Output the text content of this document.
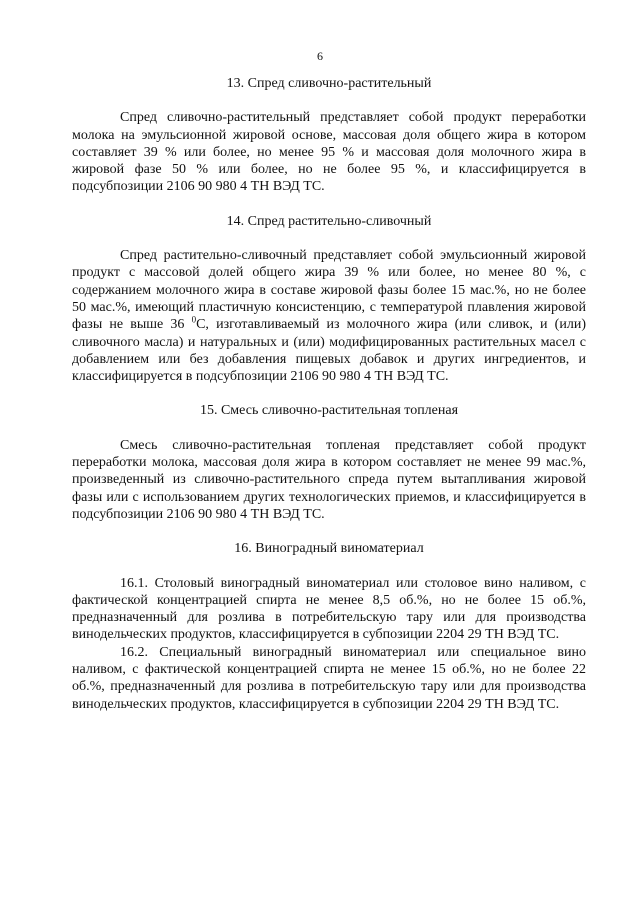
6

13. Спред сливочно-растительный

Спред сливочно-растительный представляет собой продукт переработки молока на эмульсионной жировой основе, массовая доля общего жира в котором составляет 39 % или более, но менее 95 % и массовая доля молочного жира в жировой фазе 50 % или более, но не более 95 %, и классифицируется в подсубпозиции 2106 90 980 4 ТН ВЭД ТС.

14. Спред растительно-сливочный

Спред растительно-сливочный представляет собой эмульсионный жировой продукт с массовой долей общего жира 39 % или более, но менее 80 %, с содержанием молочного жира в составе жировой фазы более 15 мас.%, но не более 50 мас.%, имеющий пластичную консистенцию, с температурой плавления жировой фазы не выше 36 $^0$С, изготавливаемый из молочного жира (или сливок, и (или) сливочного масла) и натуральных и (или) модифицированных растительных масел с добавлением или без добавления пищевых добавок и других ингредиентов, и классифицируется в подсубпозиции 2106 90 980 4 ТН ВЭД ТС.

15. Смесь сливочно-растительная топленая

Смесь сливочно-растительная топленая представляет собой продукт переработки молока, массовая доля жира в котором составляет не менее 99 мас.%, произведенный из сливочно-растительного спреда путем вытапливания жировой фазы или с использованием других технологических приемов, и классифицируется в подсубпозиции 2106 90 980 4 ТН ВЭД ТС.

16. Виноградный виноматериал

16.1. Столовый виноградный виноматериал или столовое вино наливом, с фактической концентрацией спирта не менее 8,5 об.%, но не более 15 об.%, предназначенный для розлива в потребительскую тару или для производства винодельческих продуктов, классифицируется в субпозиции 2204 29 ТН ВЭД ТС.

16.2. Специальный виноградный виноматериал или специальное вино наливом, с фактической концентрацией спирта не менее 15 об.%, но не более 22 об.%, предназначенный для розлива в потребительскую тару или для производства винодельческих продуктов, классифицируется в субпозиции 2204 29 ТН ВЭД ТС.
